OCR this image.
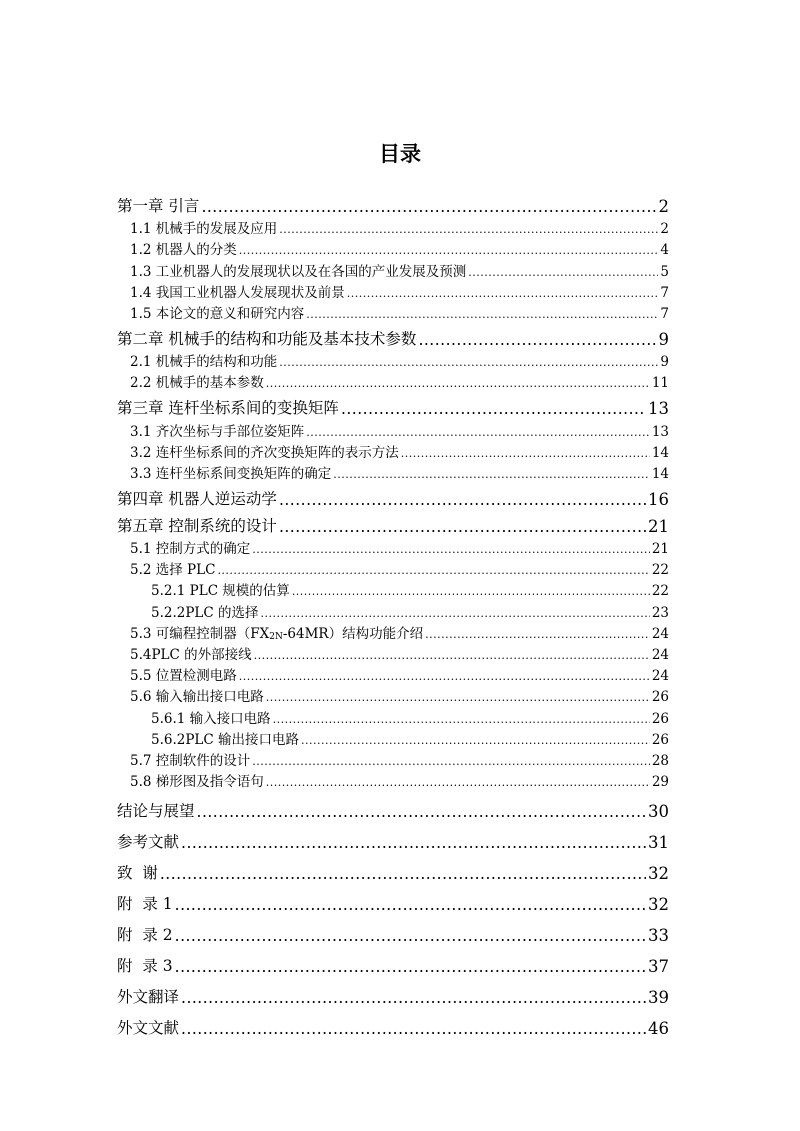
目录
第一章 引言 .....	2
1.1 机械手的发展及应用 .....	2
1.2 机器人的分类 .....	4
1.3 工业机器人的发展现状以及在各国的产业发展及预测 .....	5
1.4 我国工业机器人发展现状及前景 .....	7
1.5 本论文的意义和研究内容 .....	7
第二章 机械手的结构和功能及基本技术参数 .....	9
2.1 机械手的结构和功能 .....	9
2.2 机械手的基本参数 .....	11
第三章 连杆坐标系间的变换矩阵 .....	13
3.1 齐次坐标与手部位姿矩阵 .....	13
3.2 连杆坐标系间的齐次变换矩阵的表示方法 .....	14
3.3 连杆坐标系间变换矩阵的确定 .....	14
第四章 机器人逆运动学 .....	16
第五章 控制系统的设计 .....	21
5.1 控制方式的确定 .....	21
5.2 选择 PLC .....	22
5.2.1 PLC 规模的估算 .....	22
5.2.2PLC 的选择 .....	23
5.3 可编程控制器$(FX_{2N}-64MR)$结构功能介绍 .....	24
5.4PLC 的外部接线 .....	24
5.5 位置检测电路 .....	24
5.6 输入输出接口电路 .....	26
5.6.1 输入接口电路 .....	26
5.6.2PLC 输出接口电路 .....	26
5.7 控制软件的设计 .....	28
5.8 梯形图及指令语句 .....	29
结论与展望 .....	30
参考文献 .....	31
致  谢 .....	32
附  录 1 .....	32
附  录 2 .....	33
附  录 3 .....	37
外文翻译 .....	39
外文文献 .....	46
